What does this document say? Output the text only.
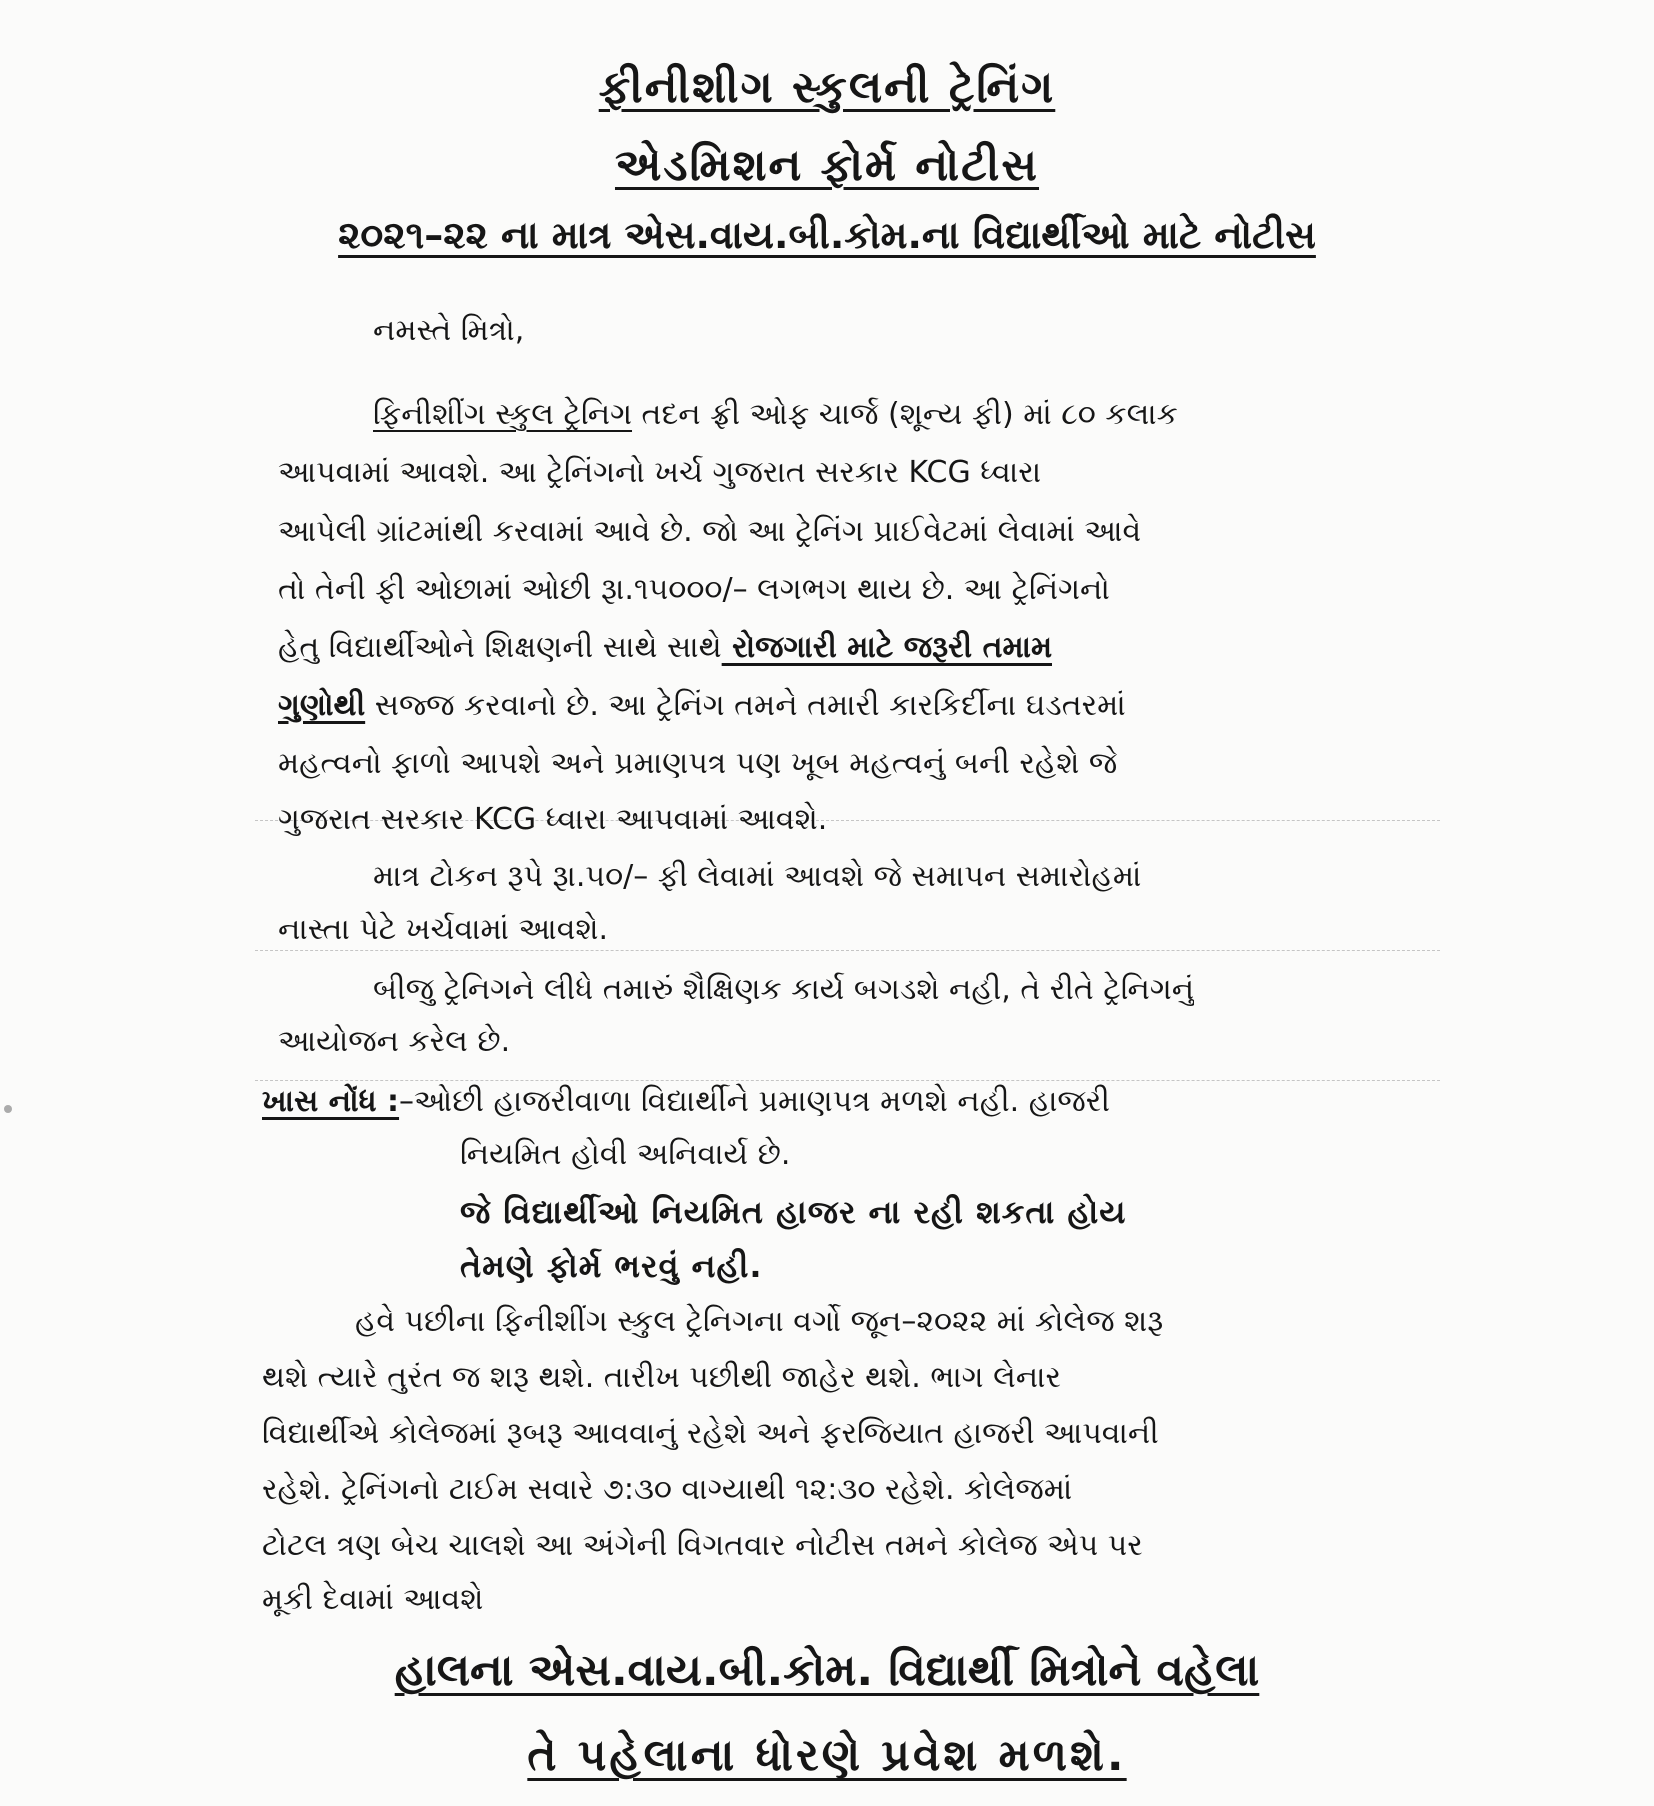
ફીનીશીગ સ્કુલની ટ્રેનિંગ
એડમિશન ફોર્મ નોટીસ
૨૦૨૧–૨૨ ના માત્ર એસ.વાય.બી.કોમ.ના વિદ્યાર્થીઓ માટે નોટીસ
નમસ્તે મિત્રો,
ફિનીશીંગ સ્કુલ ટ્રેનિગ તદન ફ્રી ઓફ ચાર્જ (શૂન્ય ફી) માં ૮૦ કલાક
આપવામાં આવશે. આ ટ્રેનિંગનો ખર્ચ ગુજરાત સરકાર KCG ધ્વારા
આપેલી ગ્રાંટમાંથી કરવામાં આવે છે. જો આ ટ્રેનિંગ પ્રાઈવેટમાં લેવામાં આવે
તો તેની ફી ઓછામાં ઓછી રૂા.૧૫૦૦૦/– લગભગ થાય છે. આ ટ્રેનિંગનો
હેતુ વિદ્યાર્થીઓને શિક્ષણની સાથે સાથે રોજગારી માટે જરૂરી તમામ
ગુણોથી સજ્જ કરવાનો છે. આ ટ્રેનિંગ તમને તમારી કારકિર્દીના ઘડતરમાં
મહત્વનો ફાળો આપશે અને પ્રમાણપત્ર પણ ખૂબ મહત્વનું બની રહેશે જે
ગુજરાત સરકાર KCG ધ્વારા આપવામાં આવશે.
માત્ર ટોકન રૂપે રૂા.૫૦/– ફી લેવામાં આવશે જે સમાપન સમારોહમાં
નાસ્તા પેટે ખર્ચવામાં આવશે.
બીજુ ટ્રેનિગને લીધે તમારું શૈક્ષિણક કાર્ય બગડશે નહી, તે રીતે ટ્રેનિગનું
આયોજન કરેલ છે.
ખાસ નોંધ :–ઓછી હાજરીવાળા વિદ્યાર્થીને પ્રમાણપત્ર મળશે નહી. હાજરી
નિયમિત હોવી અનિવાર્ય છે.
જે વિદ્યાર્થીઓ નિયમિત હાજર ના રહી શકતા હોય
તેમણે ફોર્મ ભરવું નહી.
હવે પછીના ફિનીશીંગ સ્કુલ ટ્રેનિગના વર્ગો જૂન–૨૦૨૨ માં કોલેજ શરૂ
થશે ત્યારે તુરંત જ શરૂ થશે. તારીખ પછીથી જાહેર થશે. ભાગ લેનાર
વિદ્યાર્થીએ કોલેજમાં રૂબરૂ આવવાનું રહેશે અને ફરજિયાત હાજરી આપવાની
રહેશે. ટ્રેનિંગનો ટાઈમ સવારે ૭:૩૦ વાગ્યાથી ૧૨:૩૦ રહેશે. કોલેજમાં
ટોટલ ત્રણ બેચ ચાલશે આ અંગેની વિગતવાર નોટીસ તમને કોલેજ એપ પર
મૂકી દેવામાં આવશે
હાલના એસ.વાય.બી.કોમ. વિદ્યાર્થી મિત્રોને વહેલા
તે પહેલાના ધોરણે પ્રવેશ મળશે.
